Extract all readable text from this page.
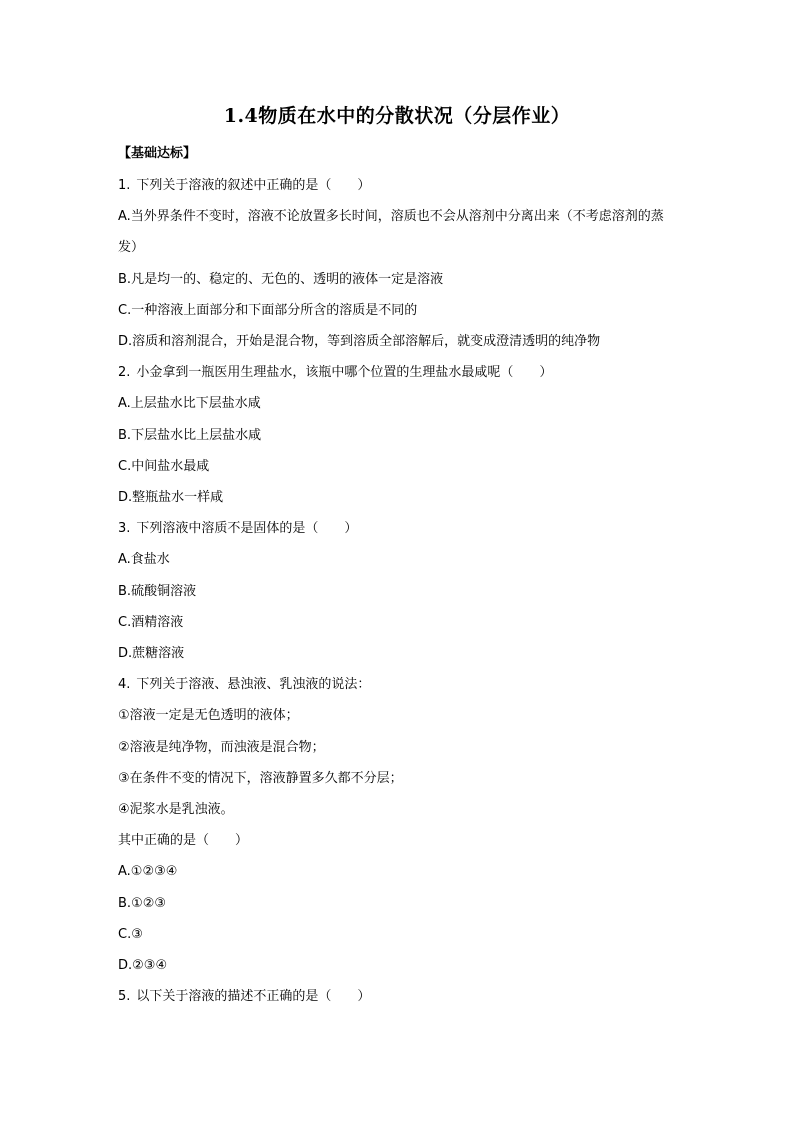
1.4物质在水中的分散状况（分层作业）
【基础达标】
1. 下列关于溶液的叙述中正确的是（　　）
A.当外界条件不变时，溶液不论放置多长时间，溶质也不会从溶剂中分离出来（不考虑溶剂的蒸发）
B.凡是均一的、稳定的、无色的、透明的液体一定是溶液
C.一种溶液上面部分和下面部分所含的溶质是不同的
D.溶质和溶剂混合，开始是混合物，等到溶质全部溶解后，就变成澄清透明的纯净物
2. 小金拿到一瓶医用生理盐水，该瓶中哪个位置的生理盐水最咸呢（　　）
A.上层盐水比下层盐水咸
B.下层盐水比上层盐水咸
C.中间盐水最咸
D.整瓶盐水一样咸
3. 下列溶液中溶质不是固体的是（　　）
A.食盐水
B.硫酸铜溶液
C.酒精溶液
D.蔗糖溶液
4. 下列关于溶液、悬浊液、乳浊液的说法：
①溶液一定是无色透明的液体；
②溶液是纯净物，而浊液是混合物；
③在条件不变的情况下，溶液静置多久都不分层；
④泥浆水是乳浊液。
其中正确的是（　　）
A.①②③④
B.①②③
C.③
D.②③④
5. 以下关于溶液的描述不正确的是（　　）
